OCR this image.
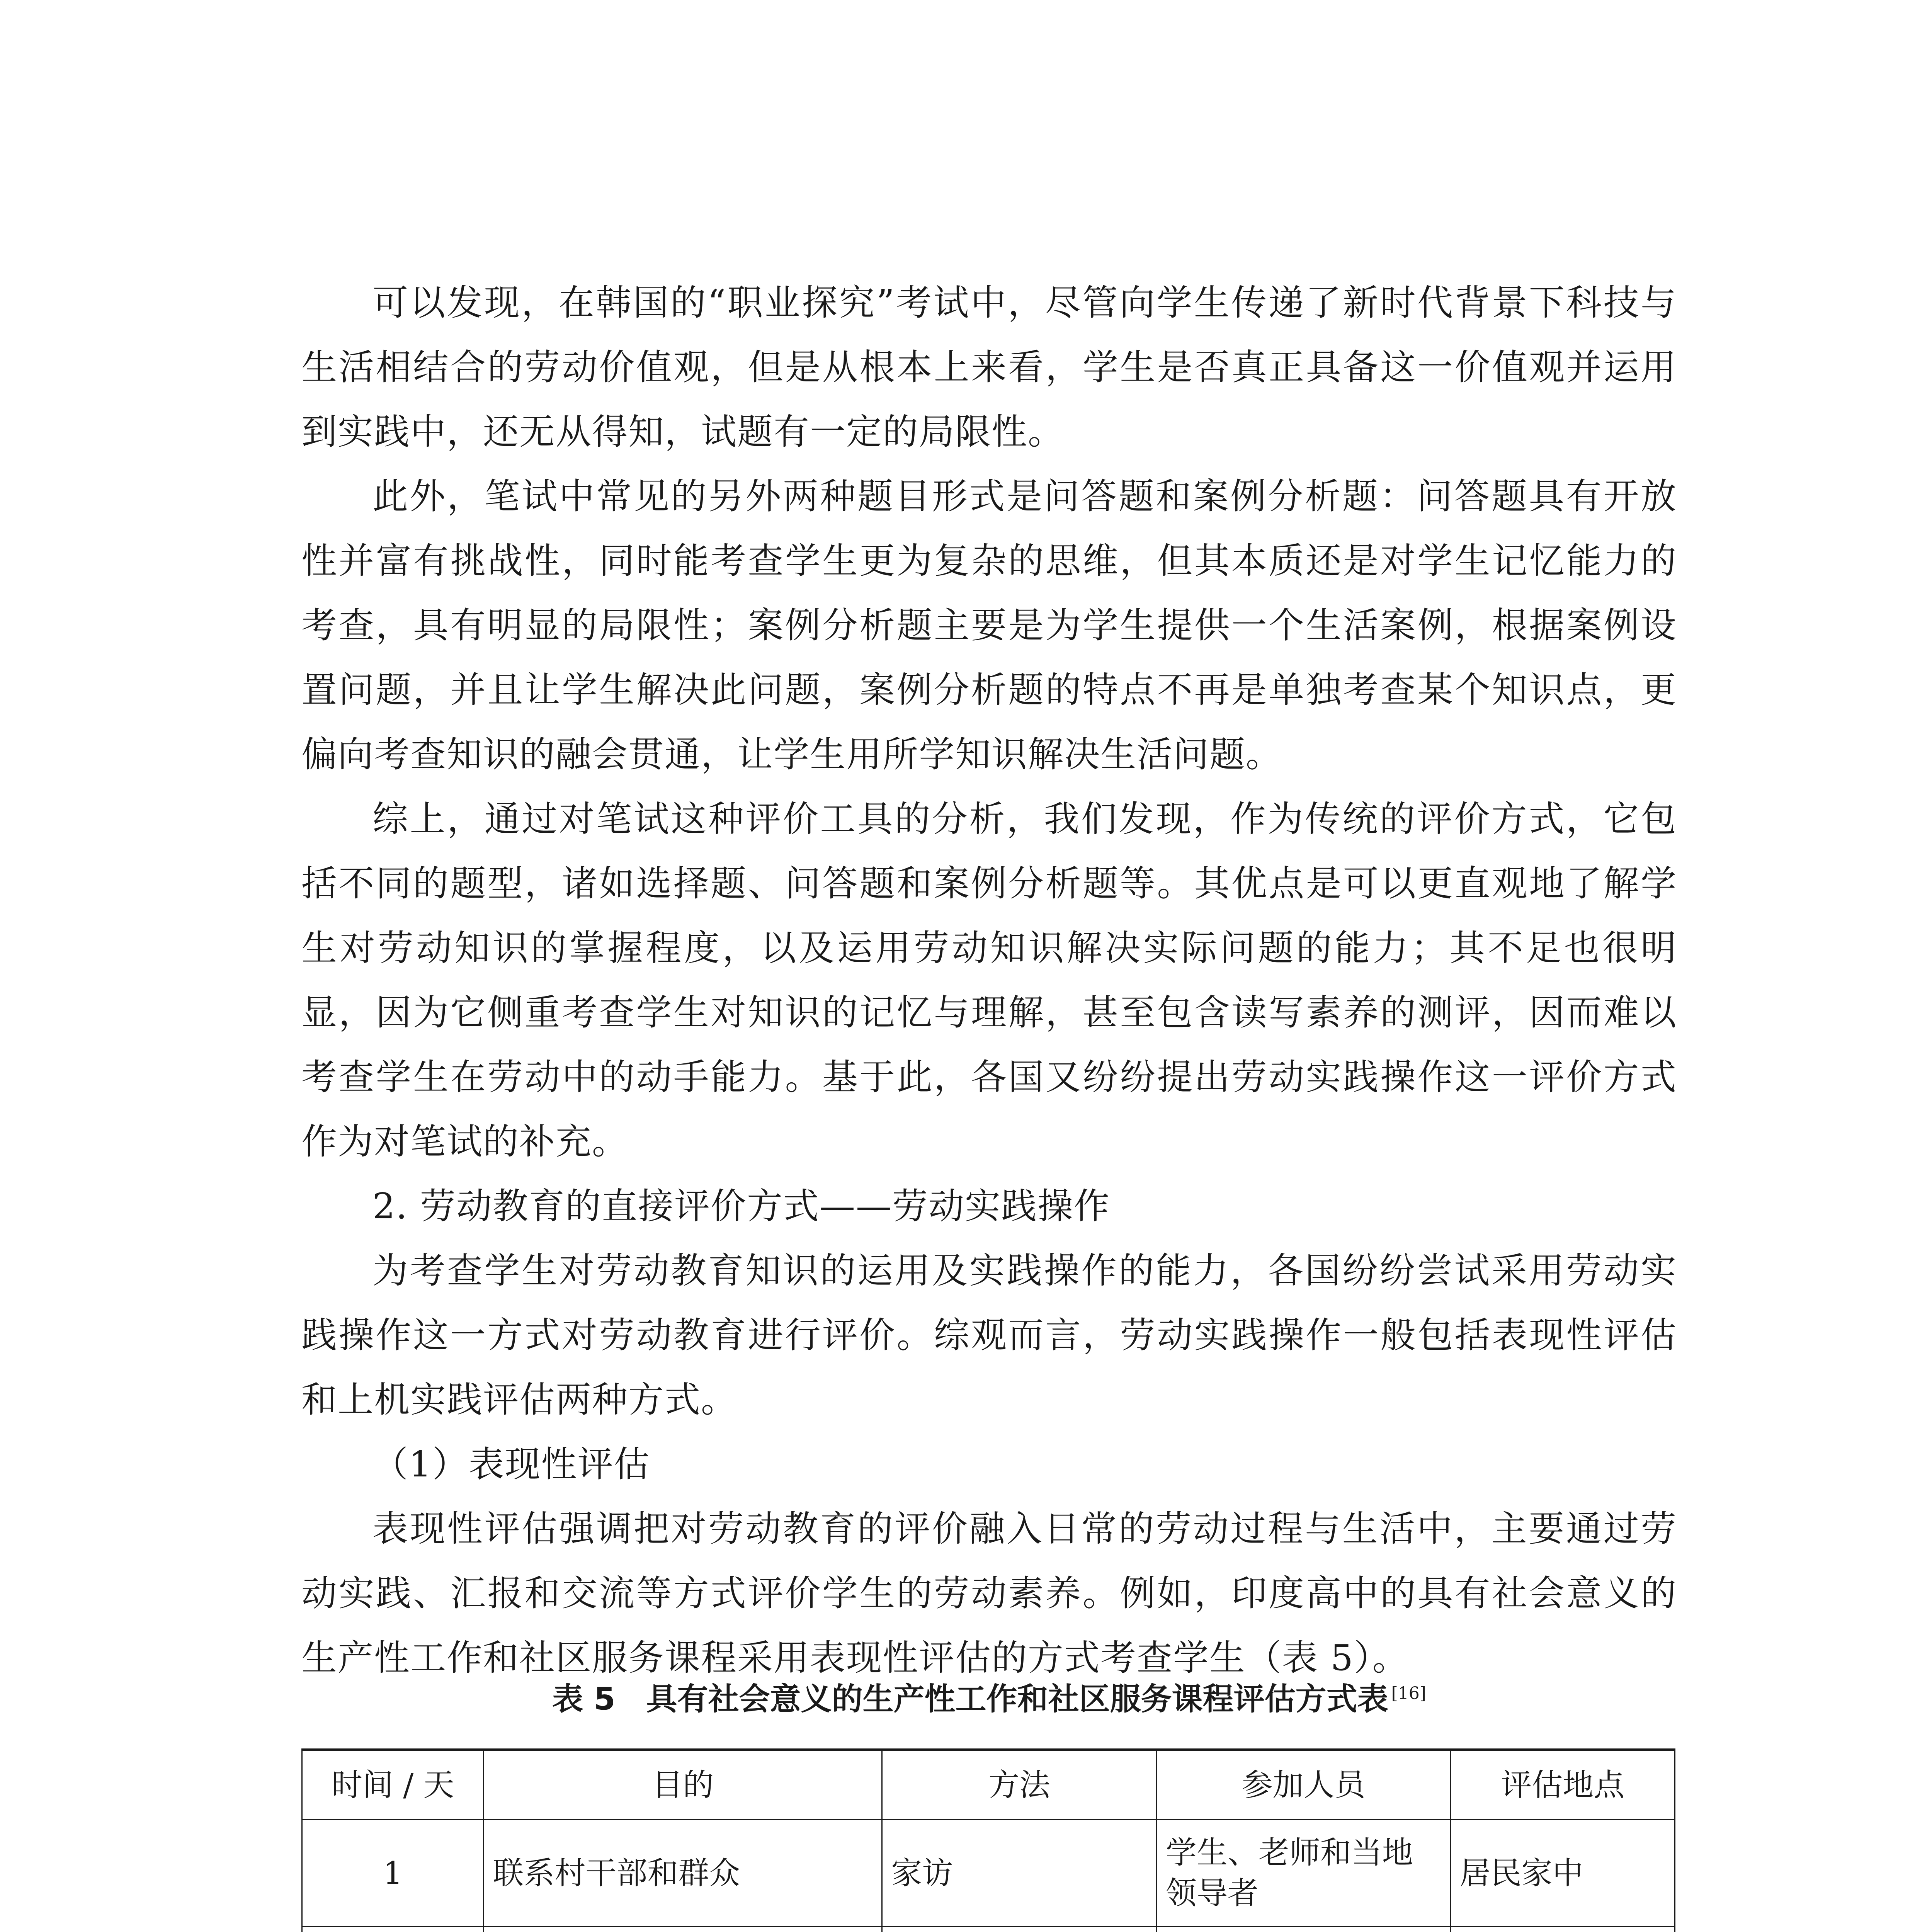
可以发现，在韩国的“职业探究”考试中，尽管向学生传递了新时代背景下科技与生活相结合的劳动价值观，但是从根本上来看，学生是否真正具备这一价值观并运用到实践中，还无从得知，试题有一定的局限性。

此外，笔试中常见的另外两种题目形式是问答题和案例分析题：问答题具有开放性并富有挑战性，同时能考查学生更为复杂的思维，但其本质还是对学生记忆能力的考查，具有明显的局限性；案例分析题主要是为学生提供一个生活案例，根据案例设置问题，并且让学生解决此问题，案例分析题的特点不再是单独考查某个知识点，更偏向考查知识的融会贯通，让学生用所学知识解决生活问题。

综上，通过对笔试这种评价工具的分析，我们发现，作为传统的评价方式，它包括不同的题型，诸如选择题、问答题和案例分析题等。其优点是可以更直观地了解学生对劳动知识的掌握程度，以及运用劳动知识解决实际问题的能力；其不足也很明显，因为它侧重考查学生对知识的记忆与理解，甚至包含读写素养的测评，因而难以考查学生在劳动中的动手能力。基于此，各国又纷纷提出劳动实践操作这一评价方式作为对笔试的补充。

2. 劳动教育的直接评价方式——劳动实践操作

为考查学生对劳动教育知识的运用及实践操作的能力，各国纷纷尝试采用劳动实践操作这一方式对劳动教育进行评价。综观而言，劳动实践操作一般包括表现性评估和上机实践评估两种方式。

（1）表现性评估

表现性评估强调把对劳动教育的评价融入日常的劳动过程与生活中，主要通过劳动实践、汇报和交流等方式评价学生的劳动素养。例如，印度高中的具有社会意义的生产性工作和社区服务课程采用表现性评估的方式考查学生（表 5）。

表 5　具有社会意义的生产性工作和社区服务课程评估方式表 [16]
时间 / 天	目的	方法	参加人员	评估地点
1	联系村干部和群众	家访	学生、老师和当地领导者	居民家中
